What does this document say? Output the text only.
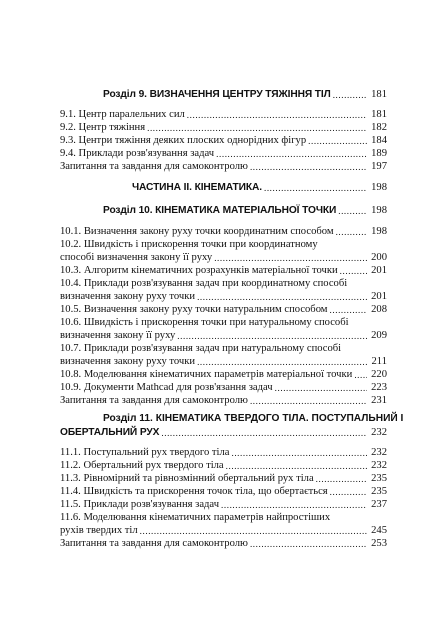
Розділ 9. ВИЗНАЧЕННЯ ЦЕНТРУ ТЯЖІННЯ ТІЛ .....	181
9.1. Центр паралельних сил .....	181
9.2. Центр тяжіння .....	182
9.3. Центри тяжіння деяких плоских однорідних фігур .....	184
9.4. Приклади розв'язування задач .....	189
Запитання та завдання для самоконтролю .....	197
ЧАСТИНА ІІ. КІНЕМАТИКА. .....	198
Розділ 10. КІНЕМАТИКА МАТЕРІАЛЬНОЇ ТОЧКИ .....	198
10.1. Визначення закону руху точки координатним способом .....	198
10.2. Швидкість і прискорення точки при координатному
способі визначення закону її руху .....	200
10.3. Алгоритм кінематичних розрахунків матеріальної точки .....	201
10.4. Приклади розв'язування задач при координатному способі
визначення закону руху точки .....	201
10.5. Визначення закону руху точки натуральним способом .....	208
10.6. Швидкість і прискорення точки при натуральному способі
визначення закону її руху .....	209
10.7. Приклади розв'язування задач при натуральному способі
визначення закону руху точки .....	211
10.8. Моделювання кінематичних параметрів матеріальної точки ..... 220
10.9. Документи Mathcad для розв'язання задач .....	223
Запитання та завдання для самоконтролю .....	231
Розділ 11. КІНЕМАТИКА ТВЕРДОГО ТІЛА. ПОСТУПАЛЬНИЙ І
ОБЕРТАЛЬНИЙ РУХ .....	232
11.1. Поступальний рух твердого тіла .....	232
11.2. Обертальний рух твердого тіла .....	232
11.3. Рівномірний та рівнозмінний обертальний рух тіла .....	235
11.4. Швидкість та прискорення точок тіла, що обертається .....	235
11.5. Приклади розв'язування задач .....	237
11.6. Моделювання кінематичних параметрів найпростіших
рухів твердих тіл .....	245
Запитання та завдання для самоконтролю .....	253
